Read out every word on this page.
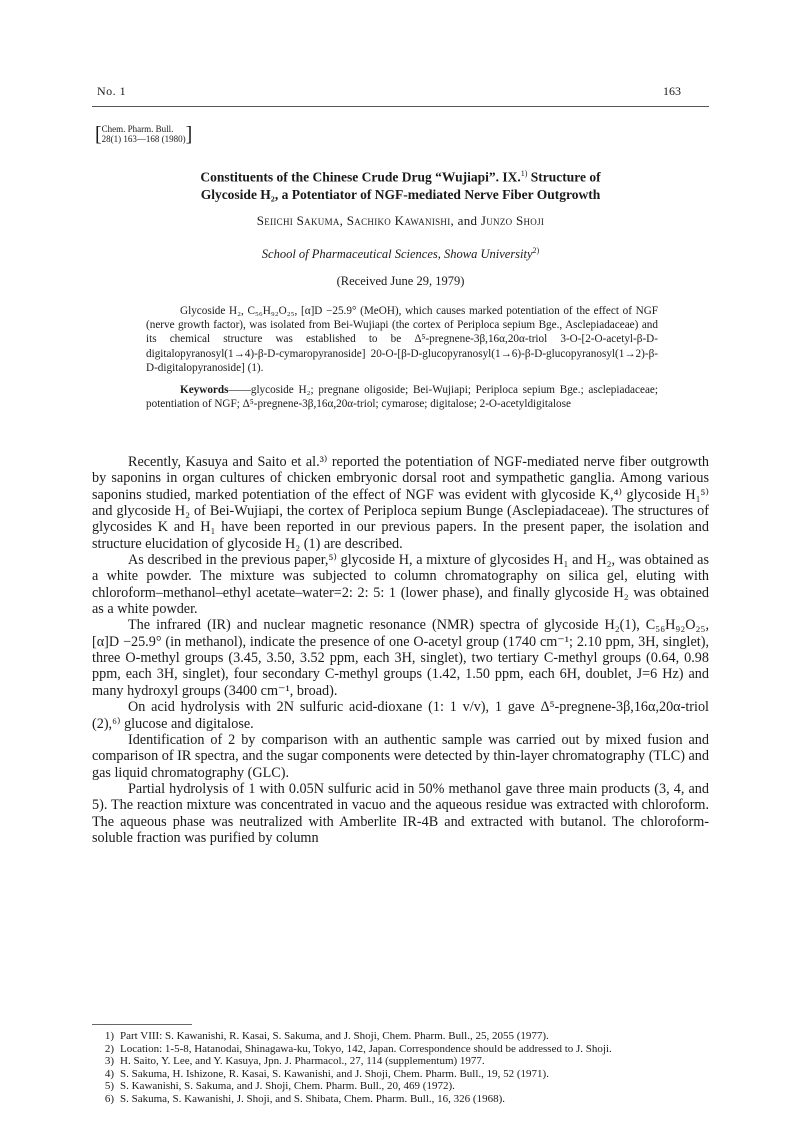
No. 1	163
[Chem. Pharm. Bull.
28(1) 163—168 (1980)]
Constituents of the Chinese Crude Drug “Wujiapi”. IX.$^{1)}$ Structure of
Glycoside H₂, a Potentiator of NGF-mediated Nerve Fiber Outgrowth
Seiichi Sakuma, Sachiko Kawanishi, and Junzo Shoji
School of Pharmaceutical Sciences, Showa University$^{2)}$
(Received June 29, 1979)

Glycoside H₂, C₅₆H₉₂O₂₅, [α]D −25.9° (MeOH), which causes marked potentiation of the effect of NGF (nerve growth factor), was isolated from Bei-Wujiapi (the cortex of Periploca sepium Bge., Asclepiadaceae) and its chemical structure was established to be Δ⁵-pregnene-3β,16α,20α-triol 3-O-[2-O-acetyl-β-D-digitalopyranosyl(1→4)-β-D-cymaropyranoside] 20-O-[β-D-glucopyranosyl(1→6)-β-D-glucopyranosyl(1→2)-β-D-digitalopyranoside] (1).

Keywords——glycoside H₂; pregnane oligoside; Bei-Wujiapi; Periploca sepium Bge.; asclepiadaceae; potentiation of NGF; Δ⁵-pregnene-3β,16α,20α-triol; cymarose; digitalose; 2-O-acetyldigitalose

Recently, Kasuya and Saito et al.³⁾ reported the potentiation of NGF-mediated nerve fiber outgrowth by saponins in organ cultures of chicken embryonic dorsal root and sympathetic ganglia. Among various saponins studied, marked potentiation of the effect of NGF was evident with glycoside K,⁴⁾ glycoside H₁⁵⁾ and glycoside H₂ of Bei-Wujiapi, the cortex of Periploca sepium Bunge (Asclepiadaceae). The structures of glycosides K and H₁ have been reported in our previous papers. In the present paper, the isolation and structure elucidation of glycoside H₂ (1) are described.

As described in the previous paper,⁵⁾ glycoside H, a mixture of glycosides H₁ and H₂, was obtained as a white powder. The mixture was subjected to column chromatography on silica gel, eluting with chloroform–methanol–ethyl acetate–water=2: 2: 5: 1 (lower phase), and finally glycoside H₂ was obtained as a white powder.

The infrared (IR) and nuclear magnetic resonance (NMR) spectra of glycoside H₂(1), C₅₆H₉₂O₂₅, [α]D −25.9° (in methanol), indicate the presence of one O-acetyl group (1740 cm⁻¹; 2.10 ppm, 3H, singlet), three O-methyl groups (3.45, 3.50, 3.52 ppm, each 3H, singlet), two tertiary C-methyl groups (0.64, 0.98 ppm, each 3H, singlet), four secondary C-methyl groups (1.42, 1.50 ppm, each 6H, doublet, J=6 Hz) and many hydroxyl groups (3400 cm⁻¹, broad).

On acid hydrolysis with 2N sulfuric acid-dioxane (1: 1 v/v), 1 gave Δ⁵-pregnene-3β,16α,20α-triol (2),⁶⁾ glucose and digitalose.

Identification of 2 by comparison with an authentic sample was carried out by mixed fusion and comparison of IR spectra, and the sugar components were detected by thin-layer chromatography (TLC) and gas liquid chromatography (GLC).

Partial hydrolysis of 1 with 0.05N sulfuric acid in 50% methanol gave three main products (3, 4, and 5). The reaction mixture was concentrated in vacuo and the aqueous residue was extracted with chloroform. The aqueous phase was neutralized with Amberlite IR-4B and extracted with butanol. The chloroform-soluble fraction was purified by column

1) Part VIII: S. Kawanishi, R. Kasai, S. Sakuma, and J. Shoji, Chem. Pharm. Bull., 25, 2055 (1977).
2) Location: 1-5-8, Hatanodai, Shinagawa-ku, Tokyo, 142, Japan. Correspondence should be addressed to J. Shoji.
3) H. Saito, Y. Lee, and Y. Kasuya, Jpn. J. Pharmacol., 27, 114 (supplementum) 1977.
4) S. Sakuma, H. Ishizone, R. Kasai, S. Kawanishi, and J. Shoji, Chem. Pharm. Bull., 19, 52 (1971).
5) S. Kawanishi, S. Sakuma, and J. Shoji, Chem. Pharm. Bull., 20, 469 (1972).
6) S. Sakuma, S. Kawanishi, J. Shoji, and S. Shibata, Chem. Pharm. Bull., 16, 326 (1968).
